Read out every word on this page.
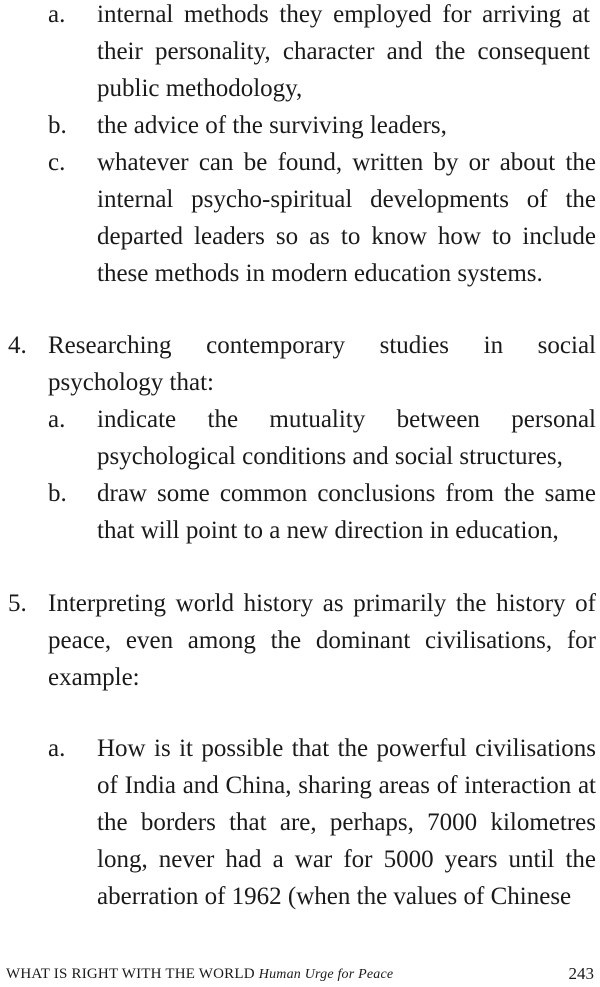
a. internal methods they employed for arriving at their personality, character and the consequent public methodology,
b. the advice of the surviving leaders,
c. whatever can be found, written by or about the internal psycho-spiritual developments of the departed leaders so as to know how to include these methods in modern education systems.
4. Researching contemporary studies in social psychology that:
a. indicate the mutuality between personal psychological conditions and social structures,
b. draw some common conclusions from the same that will point to a new direction in education,
5. Interpreting world history as primarily the history of peace, even among the dominant civilisations, for example:
a. How is it possible that the powerful civilisations of India and China, sharing areas of interaction at the borders that are, perhaps, 7000 kilometres long, never had a war for 5000 years until the aberration of 1962 (when the values of Chinese
WHAT IS RIGHT WITH THE WORLD Human Urge for Peace	243
